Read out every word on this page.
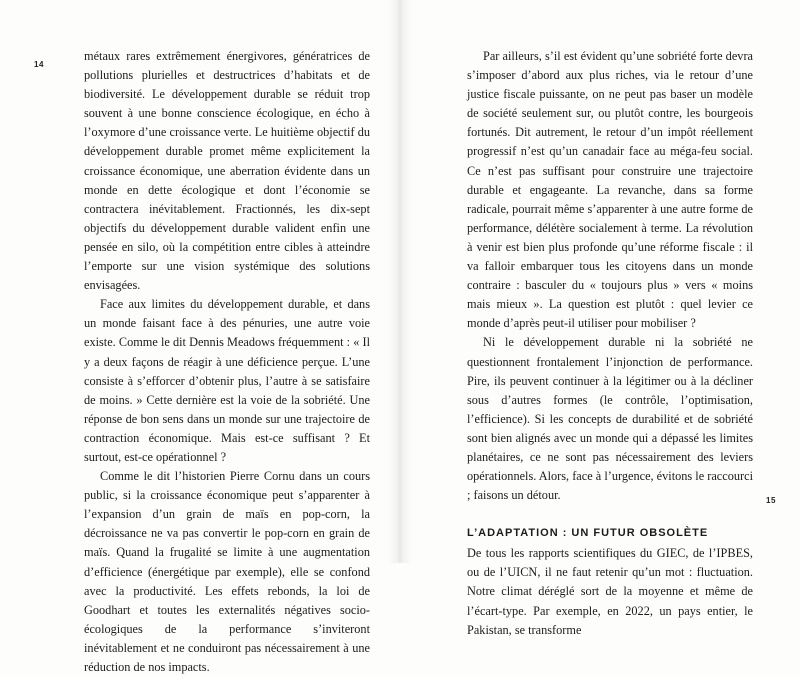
14

métaux rares extrêmement énergivores, génératrices de pollutions plurielles et destructrices d’habitats et de biodiversité. Le développement durable se réduit trop souvent à une bonne conscience écologique, en écho à l’oxymore d’une croissance verte. Le huitième objectif du développement durable promet même explicitement la croissance économique, une aberration évidente dans un monde en dette écologique et dont l’économie se contractera inévitablement. Fractionnés, les dix-sept objectifs du développement durable valident enfin une pensée en silo, où la compétition entre cibles à atteindre l’emporte sur une vision systémique des solutions envisagées.

Face aux limites du développement durable, et dans un monde faisant face à des pénuries, une autre voie existe. Comme le dit Dennis Meadows fréquemment : « Il y a deux façons de réagir à une déficience perçue. L’une consiste à s’efforcer d’obtenir plus, l’autre à se satisfaire de moins. » Cette dernière est la voie de la sobriété. Une réponse de bon sens dans un monde sur une trajectoire de contraction économique. Mais est-ce suffisant ? Et surtout, est-ce opérationnel ?

Comme le dit l’historien Pierre Cornu dans un cours public, si la croissance économique peut s’apparenter à l’expansion d’un grain de maïs en pop-corn, la décroissance ne va pas convertir le pop-corn en grain de maïs. Quand la frugalité se limite à une augmentation d’efficience (énergétique par exemple), elle se confond avec la productivité. Les effets rebonds, la loi de Goodhart et toutes les externalités négatives socio-écologiques de la performance s’inviteront inévitablement et ne conduiront pas nécessairement à une réduction de nos impacts.

Par ailleurs, s’il est évident qu’une sobriété forte devra s’imposer d’abord aux plus riches, via le retour d’une justice fiscale puissante, on ne peut pas baser un modèle de société seulement sur, ou plutôt contre, les bourgeois fortunés. Dit autrement, le retour d’un impôt réellement progressif n’est qu’un canadair face au méga-feu social. Ce n’est pas suffisant pour construire une trajectoire durable et engageante. La revanche, dans sa forme radicale, pourrait même s’apparenter à une autre forme de performance, délétère socialement à terme. La révolution à venir est bien plus profonde qu’une réforme fiscale : il va falloir embarquer tous les citoyens dans un monde contraire : basculer du « toujours plus » vers « moins mais mieux ». La question est plutôt : quel levier ce monde d’après peut-il utiliser pour mobiliser ?

Ni le développement durable ni la sobriété ne questionnent frontalement l’injonction de performance. Pire, ils peuvent continuer à la légitimer ou à la décliner sous d’autres formes (le contrôle, l’optimisation, l’efficience). Si les concepts de durabilité et de sobriété sont bien alignés avec un monde qui a dépassé les limites planétaires, ce ne sont pas nécessairement des leviers opérationnels. Alors, face à l’urgence, évitons le raccourci ; faisons un détour.

L’ADAPTATION : UN FUTUR OBSOLÈTE

De tous les rapports scientifiques du GIEC, de l’IPBES, ou de l’UICN, il ne faut retenir qu’un mot : fluctuation. Notre climat déréglé sort de la moyenne et même de l’écart-type. Par exemple, en 2022, un pays entier, le Pakistan, se transforme

15
